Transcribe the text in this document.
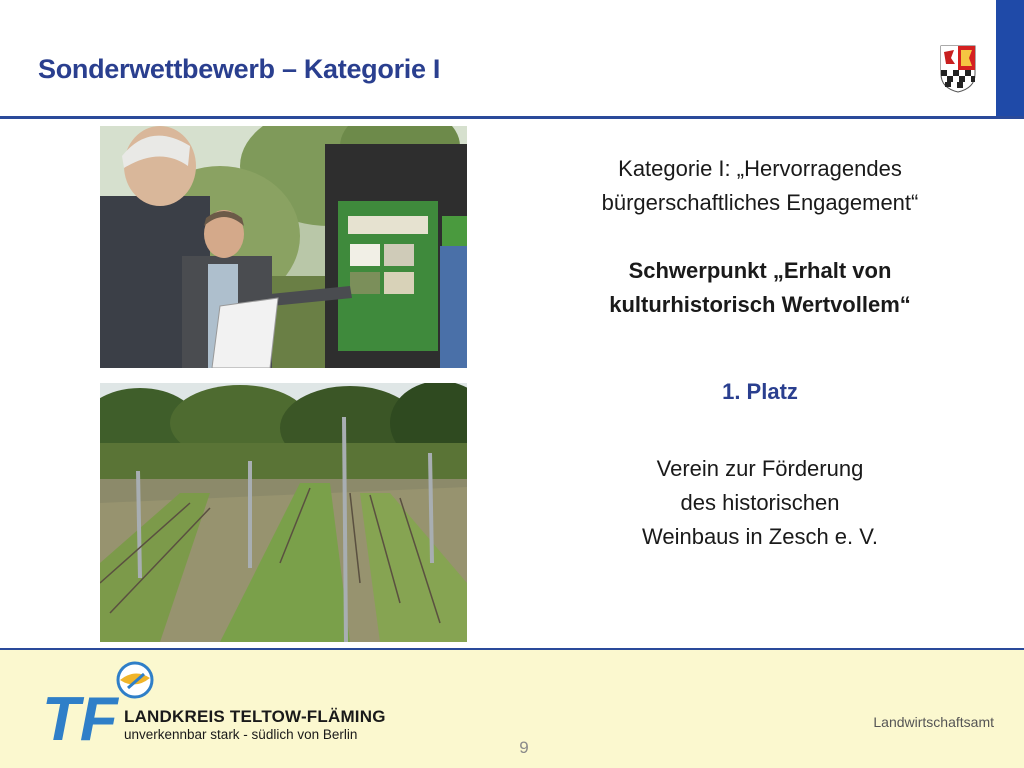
Sonderwettbewerb – Kategorie I
Kategorie I: „Hervorragendes
bürgerschaftliches Engagement“
Schwerpunkt „Erhalt von
kulturhistorisch Wertvollem“
1. Platz
Verein zur Förderung
des historischen
Weinbaus in Zesch e. V.
TF LANDKREIS TELTOW-FLÄMING
unverkennbar stark - südlich von Berlin
Landwirtschaftsamt
9
